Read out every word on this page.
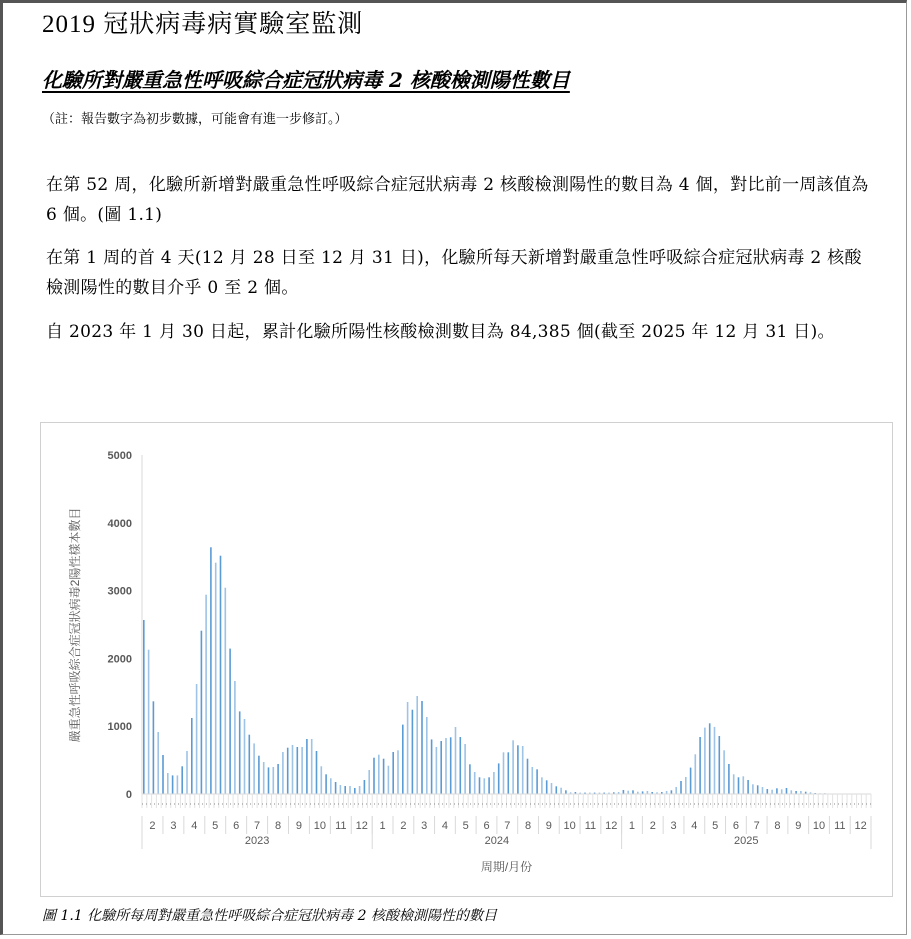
2019 冠狀病毒病實驗室監測
化驗所對嚴重急性呼吸綜合症冠狀病毒 2 核酸檢測陽性數目
（註：報告數字為初步數據，可能會有進一步修訂。）
在第 52 周，化驗所新增對嚴重急性呼吸綜合症冠狀病毒 2 核酸檢測陽性的數目為 4 個，對比前一周該值為 6 個。(圖 1.1)
在第 1 周的首 4 天(12 月 28 日至 12 月 31 日)，化驗所每天新增對嚴重急性呼吸綜合症冠狀病毒 2 核酸檢測陽性的數目介乎 0 至 2 個。
自 2023 年 1 月 30 日起，累計化驗所陽性核酸檢測數目為 84,385 個(截至 2025 年 12 月 31 日)。
0
1000
2000
3000
4000
5000
2 3 4 5 6 7 8 9 10 11 12
2023
1 2 3 4 5 6 7 8 9 10 11 12
2024
1 2 3 4 5 6 7 8 9 10 11 12
2025
周期/月份
嚴重急性呼吸綜合症冠狀病毒2陽性樣本數目
圖 1.1 化驗所每周對嚴重急性呼吸綜合症冠狀病毒 2 核酸檢測陽性的數目
